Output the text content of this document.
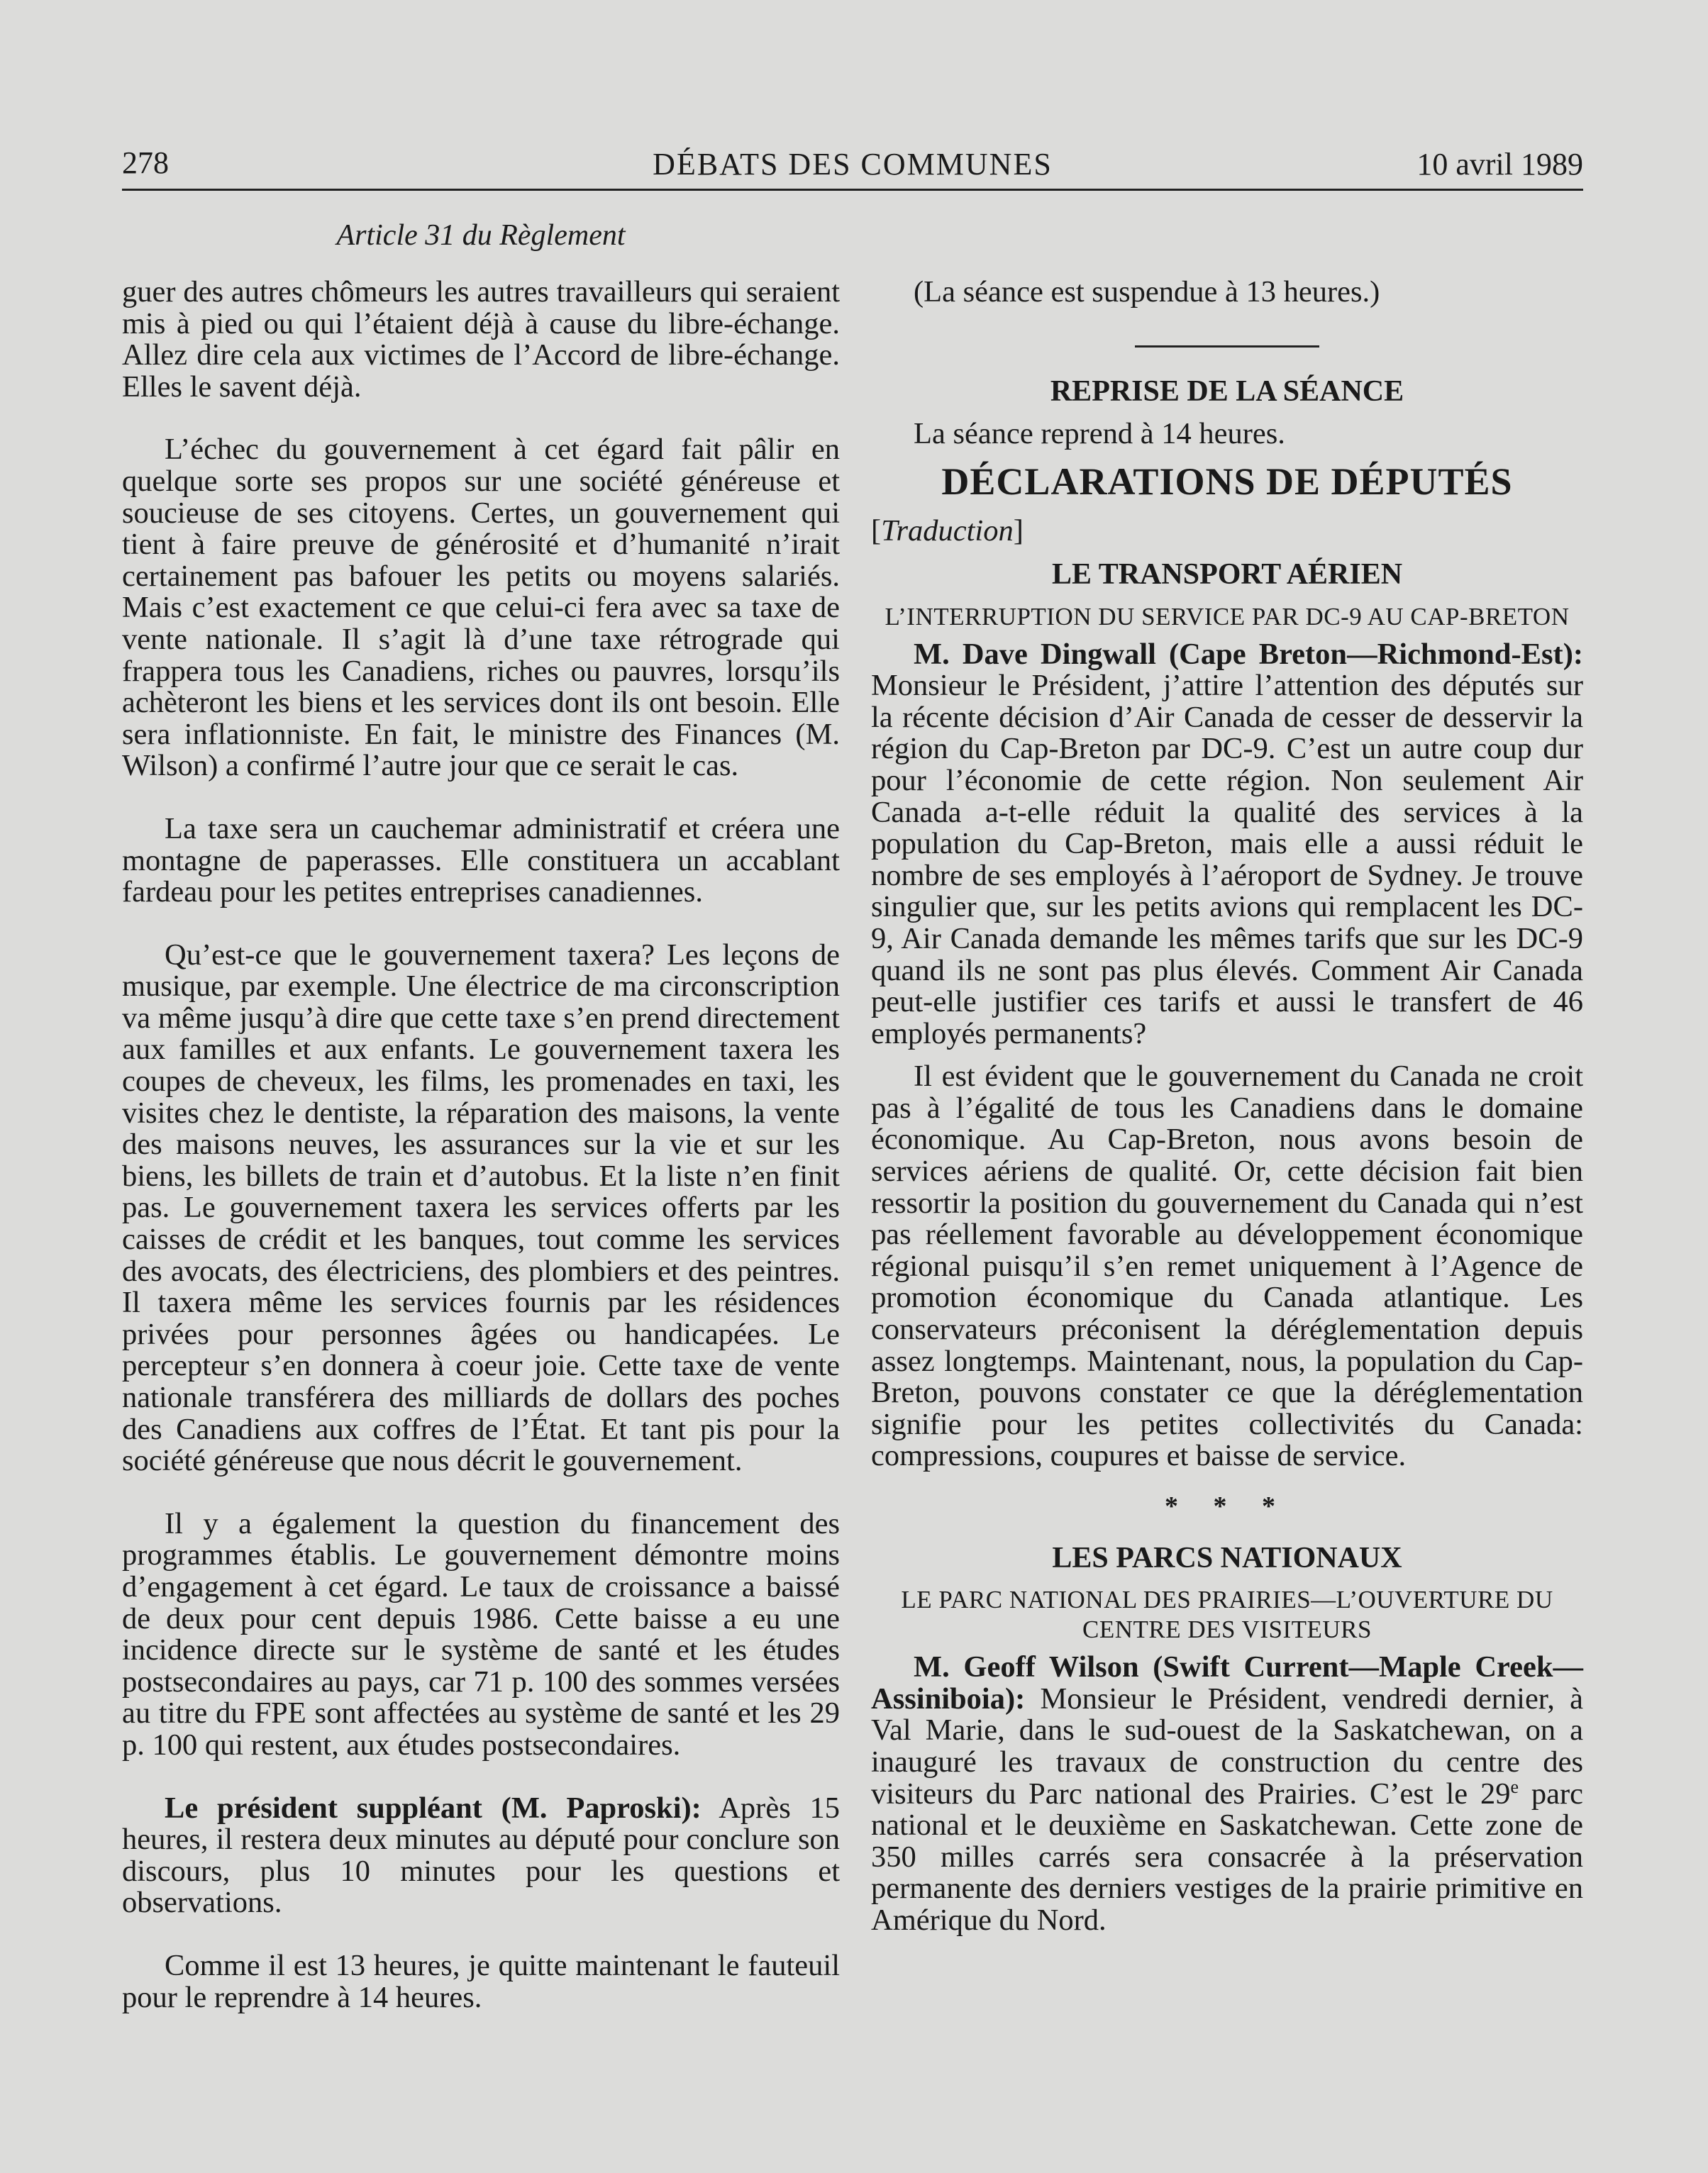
278	DÉBATS DES COMMUNES	10 avril 1989
Article 31 du Règlement

guer des autres chômeurs les autres travailleurs qui seraient mis à pied ou qui l’étaient déjà à cause du libre-échange. Allez dire cela aux victimes de l’Accord de libre-échange. Elles le savent déjà.

L’échec du gouvernement à cet égard fait pâlir en quelque sorte ses propos sur une société généreuse et soucieuse de ses citoyens. Certes, un gouvernement qui tient à faire preuve de générosité et d’humanité n’irait certainement pas bafouer les petits ou moyens salariés. Mais c’est exactement ce que celui-ci fera avec sa taxe de vente nationale. Il s’agit là d’une taxe rétrograde qui frappera tous les Canadiens, riches ou pauvres, lorsqu’ils achèteront les biens et les services dont ils ont besoin. Elle sera inflationniste. En fait, le ministre des Finances (M. Wilson) a confirmé l’autre jour que ce serait le cas.

La taxe sera un cauchemar administratif et créera une montagne de paperasses. Elle constituera un accablant fardeau pour les petites entreprises canadiennes.

Qu’est-ce que le gouvernement taxera? Les leçons de musique, par exemple. Une électrice de ma circonscription va même jusqu’à dire que cette taxe s’en prend directement aux familles et aux enfants. Le gouvernement taxera les coupes de cheveux, les films, les promenades en taxi, les visites chez le dentiste, la réparation des maisons, la vente des maisons neuves, les assurances sur la vie et sur les biens, les billets de train et d’autobus. Et la liste n’en finit pas. Le gouvernement taxera les services offerts par les caisses de crédit et les banques, tout comme les services des avocats, des électriciens, des plombiers et des peintres. Il taxera même les services fournis par les résidences privées pour personnes âgées ou handicapées. Le percepteur s’en donnera à coeur joie. Cette taxe de vente nationale transférera des milliards de dollars des poches des Canadiens aux coffres de l’État. Et tant pis pour la société généreuse que nous décrit le gouvernement.

Il y a également la question du financement des programmes établis. Le gouvernement démontre moins d’engagement à cet égard. Le taux de croissance a baissé de deux pour cent depuis 1986. Cette baisse a eu une incidence directe sur le système de santé et les études postsecondaires au pays, car 71 p. 100 des sommes versées au titre du FPE sont affectées au système de santé et les 29 p. 100 qui restent, aux études postsecondaires.

Le président suppléant (M. Paproski): Après 15 heures, il restera deux minutes au député pour conclure son discours, plus 10 minutes pour les questions et observations.

Comme il est 13 heures, je quitte maintenant le fauteuil pour le reprendre à 14 heures.

(La séance est suspendue à 13 heures.)

REPRISE DE LA SÉANCE

La séance reprend à 14 heures.

DÉCLARATIONS DE DÉPUTÉS

[Traduction]

LE TRANSPORT AÉRIEN

L’INTERRUPTION DU SERVICE PAR DC-9 AU CAP-BRETON

M. Dave Dingwall (Cape Breton—Richmond-Est): Monsieur le Président, j’attire l’attention des députés sur la récente décision d’Air Canada de cesser de desservir la région du Cap-Breton par DC-9. C’est un autre coup dur pour l’économie de cette région. Non seulement Air Canada a-t-elle réduit la qualité des services à la population du Cap-Breton, mais elle a aussi réduit le nombre de ses employés à l’aéroport de Sydney. Je trouve singulier que, sur les petits avions qui remplacent les DC-9, Air Canada demande les mêmes tarifs que sur les DC-9 quand ils ne sont pas plus élevés. Comment Air Canada peut-elle justifier ces tarifs et aussi le transfert de 46 employés permanents?

Il est évident que le gouvernement du Canada ne croit pas à l’égalité de tous les Canadiens dans le domaine économique. Au Cap-Breton, nous avons besoin de services aériens de qualité. Or, cette décision fait bien ressortir la position du gouvernement du Canada qui n’est pas réellement favorable au développement économique régional puisqu’il s’en remet uniquement à l’Agence de promotion économique du Canada atlantique. Les conservateurs préconisent la déréglementation depuis assez longtemps. Maintenant, nous, la population du Cap-Breton, pouvons constater ce que la déréglementation signifie pour les petites collectivités du Canada: compressions, coupures et baisse de service.

* * *

LES PARCS NATIONAUX

LE PARC NATIONAL DES PRAIRIES—L’OUVERTURE DU CENTRE DES VISITEURS

M. Geoff Wilson (Swift Current—Maple Creek—Assiniboia): Monsieur le Président, vendredi dernier, à Val Marie, dans le sud-ouest de la Saskatchewan, on a inauguré les travaux de construction du centre des visiteurs du Parc national des Prairies. C’est le 29e parc national et le deuxième en Saskatchewan. Cette zone de 350 milles carrés sera consacrée à la préservation permanente des derniers vestiges de la prairie primitive en Amérique du Nord.
